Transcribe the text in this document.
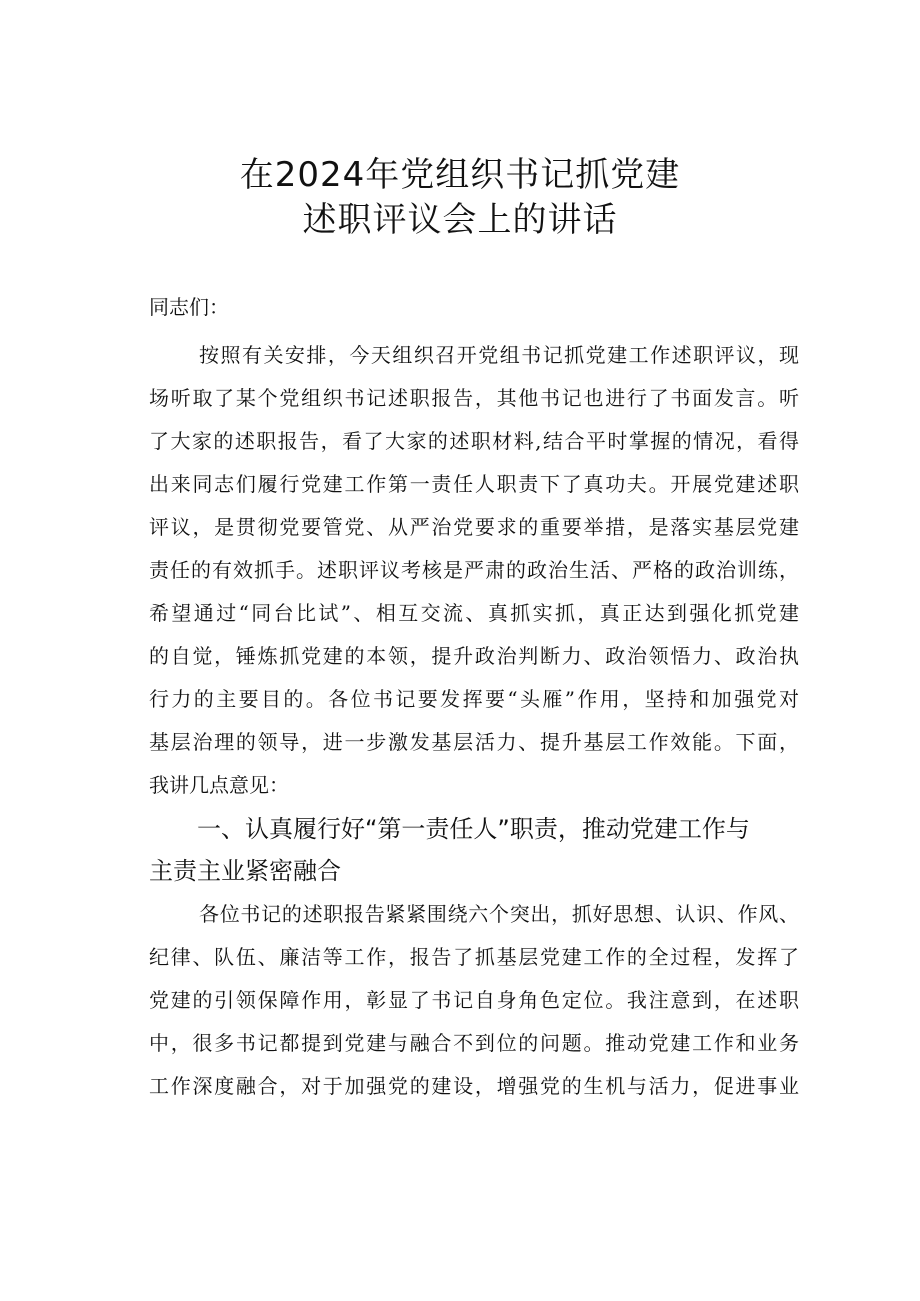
在2024年党组织书记抓党建
述职评议会上的讲话
同志们：
按照有关安排，今天组织召开党组书记抓党建工作述职评议，现
场听取了某个党组织书记述职报告，其他书记也进行了书面发言。听
了大家的述职报告，看了大家的述职材料,结合平时掌握的情况，看得
出来同志们履行党建工作第一责任人职责下了真功夫。开展党建述职
评议，是贯彻党要管党、从严治党要求的重要举措，是落实基层党建
责任的有效抓手。述职评议考核是严肃的政治生活、严格的政治训练，
希望通过“同台比试”、相互交流、真抓实抓，真正达到强化抓党建
的自觉，锤炼抓党建的本领，提升政治判断力、政治领悟力、政治执
行力的主要目的。各位书记要发挥要“头雁”作用，坚持和加强党对
基层治理的领导，进一步激发基层活力、提升基层工作效能。下面，
我讲几点意见：
一、认真履行好“第一责任人”职责，推动党建工作与
主责主业紧密融合
各位书记的述职报告紧紧围绕六个突出，抓好思想、认识、作风、
纪律、队伍、廉洁等工作，报告了抓基层党建工作的全过程，发挥了
党建的引领保障作用，彰显了书记自身角色定位。我注意到，在述职
中，很多书记都提到党建与融合不到位的问题。推动党建工作和业务
工作深度融合，对于加强党的建设，增强党的生机与活力，促进事业
